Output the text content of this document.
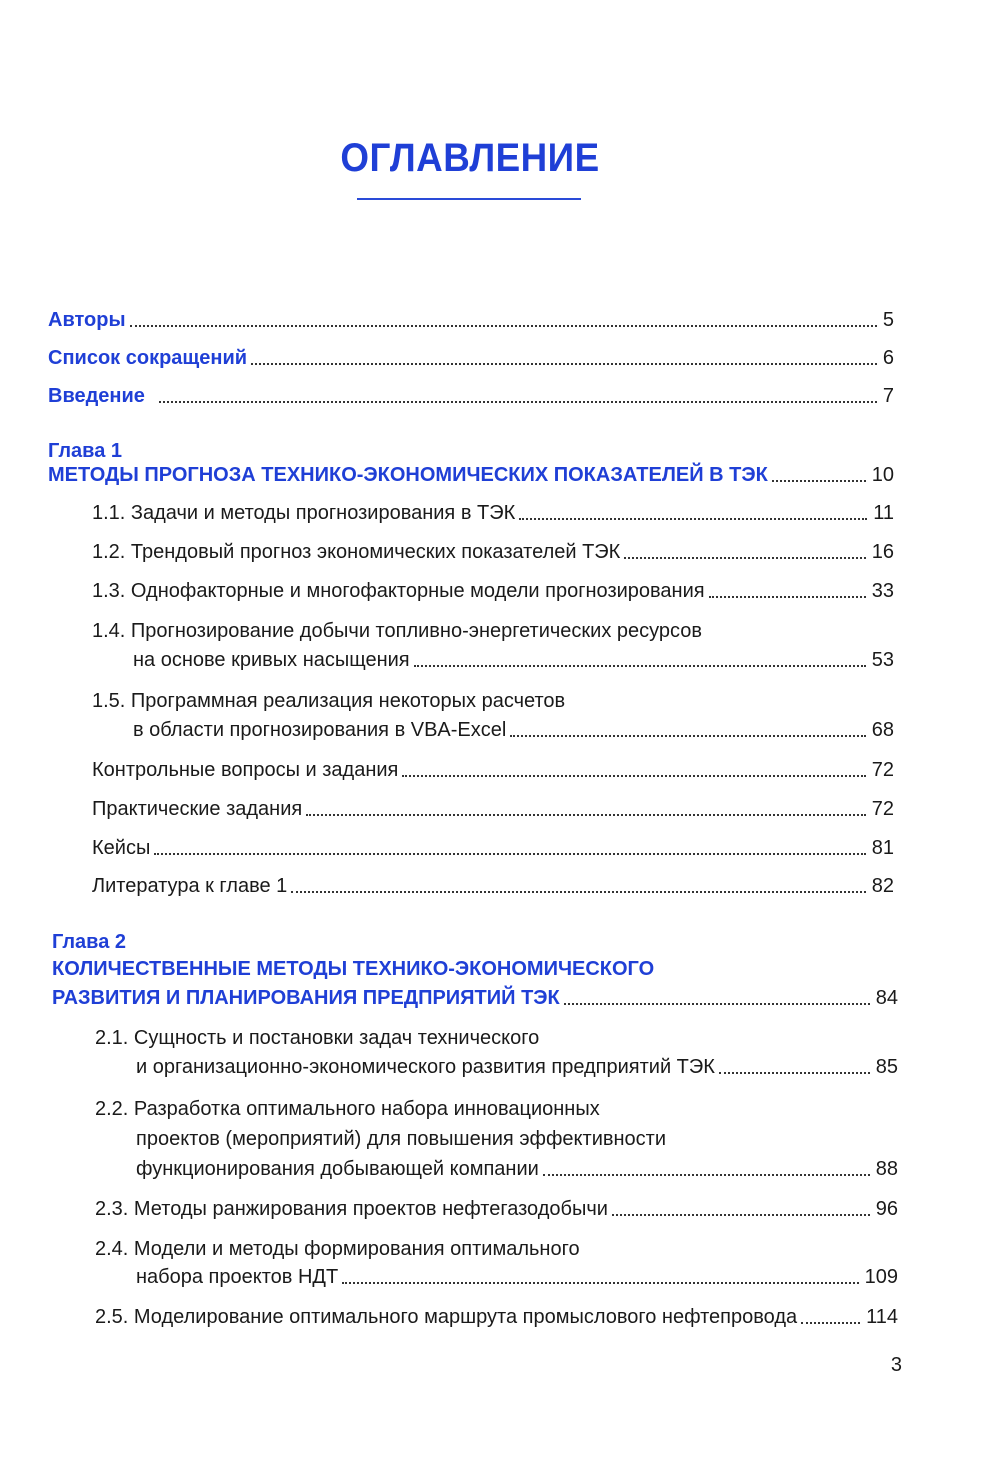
ОГЛАВЛЕНИЕ
Авторы	5
Список сокращений	6
Введение	7
Глава 1
МЕТОДЫ ПРОГНОЗА ТЕХНИКО-ЭКОНОМИЧЕСКИХ ПОКАЗАТЕЛЕЙ В ТЭК	10
1.1. Задачи и методы прогнозирования в ТЭК	11
1.2. Трендовый прогноз экономических показателей ТЭК	16
1.3. Однофакторные и многофакторные модели прогнозирования	33
1.4. Прогнозирование добычи топливно-энергетических ресурсов
на основе кривых насыщения	53
1.5. Программная реализация некоторых расчетов
в области прогнозирования в VBA-Excel	68
Контрольные вопросы и задания	72
Практические задания	72
Кейсы	81
Литература к главе 1	82
Глава 2
КОЛИЧЕСТВЕННЫЕ МЕТОДЫ ТЕХНИКО-ЭКОНОМИЧЕСКОГО
РАЗВИТИЯ И ПЛАНИРОВАНИЯ ПРЕДПРИЯТИЙ ТЭК	84
2.1. Сущность и постановки задач технического
и организационно-экономического развития предприятий ТЭК	85
2.2. Разработка оптимального набора инновационных
проектов (мероприятий) для повышения эффективности
функционирования добывающей компании	88
2.3. Методы ранжирования проектов нефтегазодобычи	96
2.4. Модели и методы формирования оптимального
набора проектов НДТ	109
2.5. Моделирование оптимального маршрута промыслового нефтепровода	114
3
